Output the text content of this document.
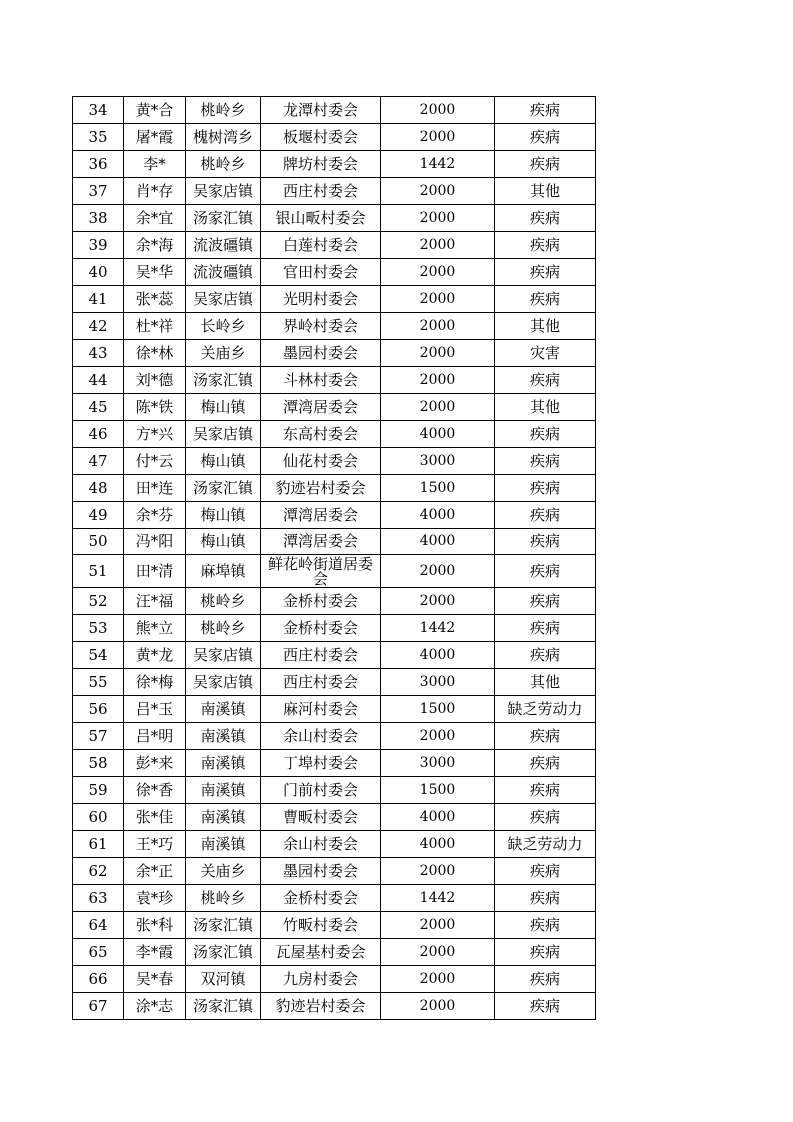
34	黄*合	桃岭乡	龙潭村委会	2000	疾病
35	屠*霞	槐树湾乡	板堰村委会	2000	疾病
36	李*	桃岭乡	牌坊村委会	1442	疾病
37	肖*存	吴家店镇	西庄村委会	2000	其他
38	余*宜	汤家汇镇	银山畈村委会	2000	疾病
39	余*海	流波礓镇	白莲村委会	2000	疾病
40	吴*华	流波礓镇	官田村委会	2000	疾病
41	张*蕊	吴家店镇	光明村委会	2000	疾病
42	杜*祥	长岭乡	界岭村委会	2000	其他
43	徐*林	关庙乡	墨园村委会	2000	灾害
44	刘*德	汤家汇镇	斗林村委会	2000	疾病
45	陈*铁	梅山镇	潭湾居委会	2000	其他
46	方*兴	吴家店镇	东高村委会	4000	疾病
47	付*云	梅山镇	仙花村委会	3000	疾病
48	田*连	汤家汇镇	豹迹岩村委会	1500	疾病
49	余*芬	梅山镇	潭湾居委会	4000	疾病
50	冯*阳	梅山镇	潭湾居委会	4000	疾病
51	田*清	麻埠镇	鲜花岭街道居委会	2000	疾病
52	汪*福	桃岭乡	金桥村委会	2000	疾病
53	熊*立	桃岭乡	金桥村委会	1442	疾病
54	黄*龙	吴家店镇	西庄村委会	4000	疾病
55	徐*梅	吴家店镇	西庄村委会	3000	其他
56	吕*玉	南溪镇	麻河村委会	1500	缺乏劳动力
57	吕*明	南溪镇	余山村委会	2000	疾病
58	彭*来	南溪镇	丁埠村委会	3000	疾病
59	徐*香	南溪镇	门前村委会	1500	疾病
60	张*佳	南溪镇	曹畈村委会	4000	疾病
61	王*巧	南溪镇	余山村委会	4000	缺乏劳动力
62	余*正	关庙乡	墨园村委会	2000	疾病
63	袁*珍	桃岭乡	金桥村委会	1442	疾病
64	张*科	汤家汇镇	竹畈村委会	2000	疾病
65	李*霞	汤家汇镇	瓦屋基村委会	2000	疾病
66	吴*春	双河镇	九房村委会	2000	疾病
67	涂*志	汤家汇镇	豹迹岩村委会	2000	疾病
